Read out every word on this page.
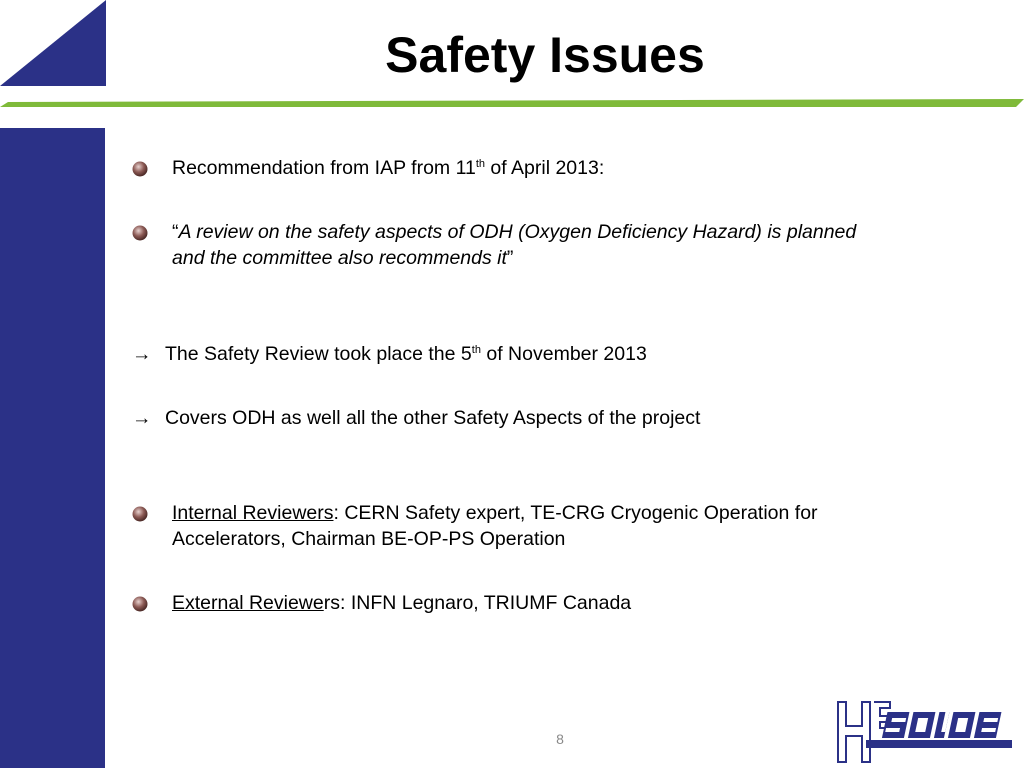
Safety Issues
Recommendation from IAP from 11th of April 2013:
“A review on the safety aspects of ODH (Oxygen Deficiency Hazard) is planned
and the committee also recommends it”
→ The Safety Review took place the 5th of November 2013
→ Covers ODH as well all the other Safety Aspects of the project
Internal Reviewers: CERN Safety expert, TE-CRG Cryogenic Operation for
Accelerators, Chairman BE-OP-PS Operation
External Reviewers: INFN Legnaro, TRIUMF Canada
8
